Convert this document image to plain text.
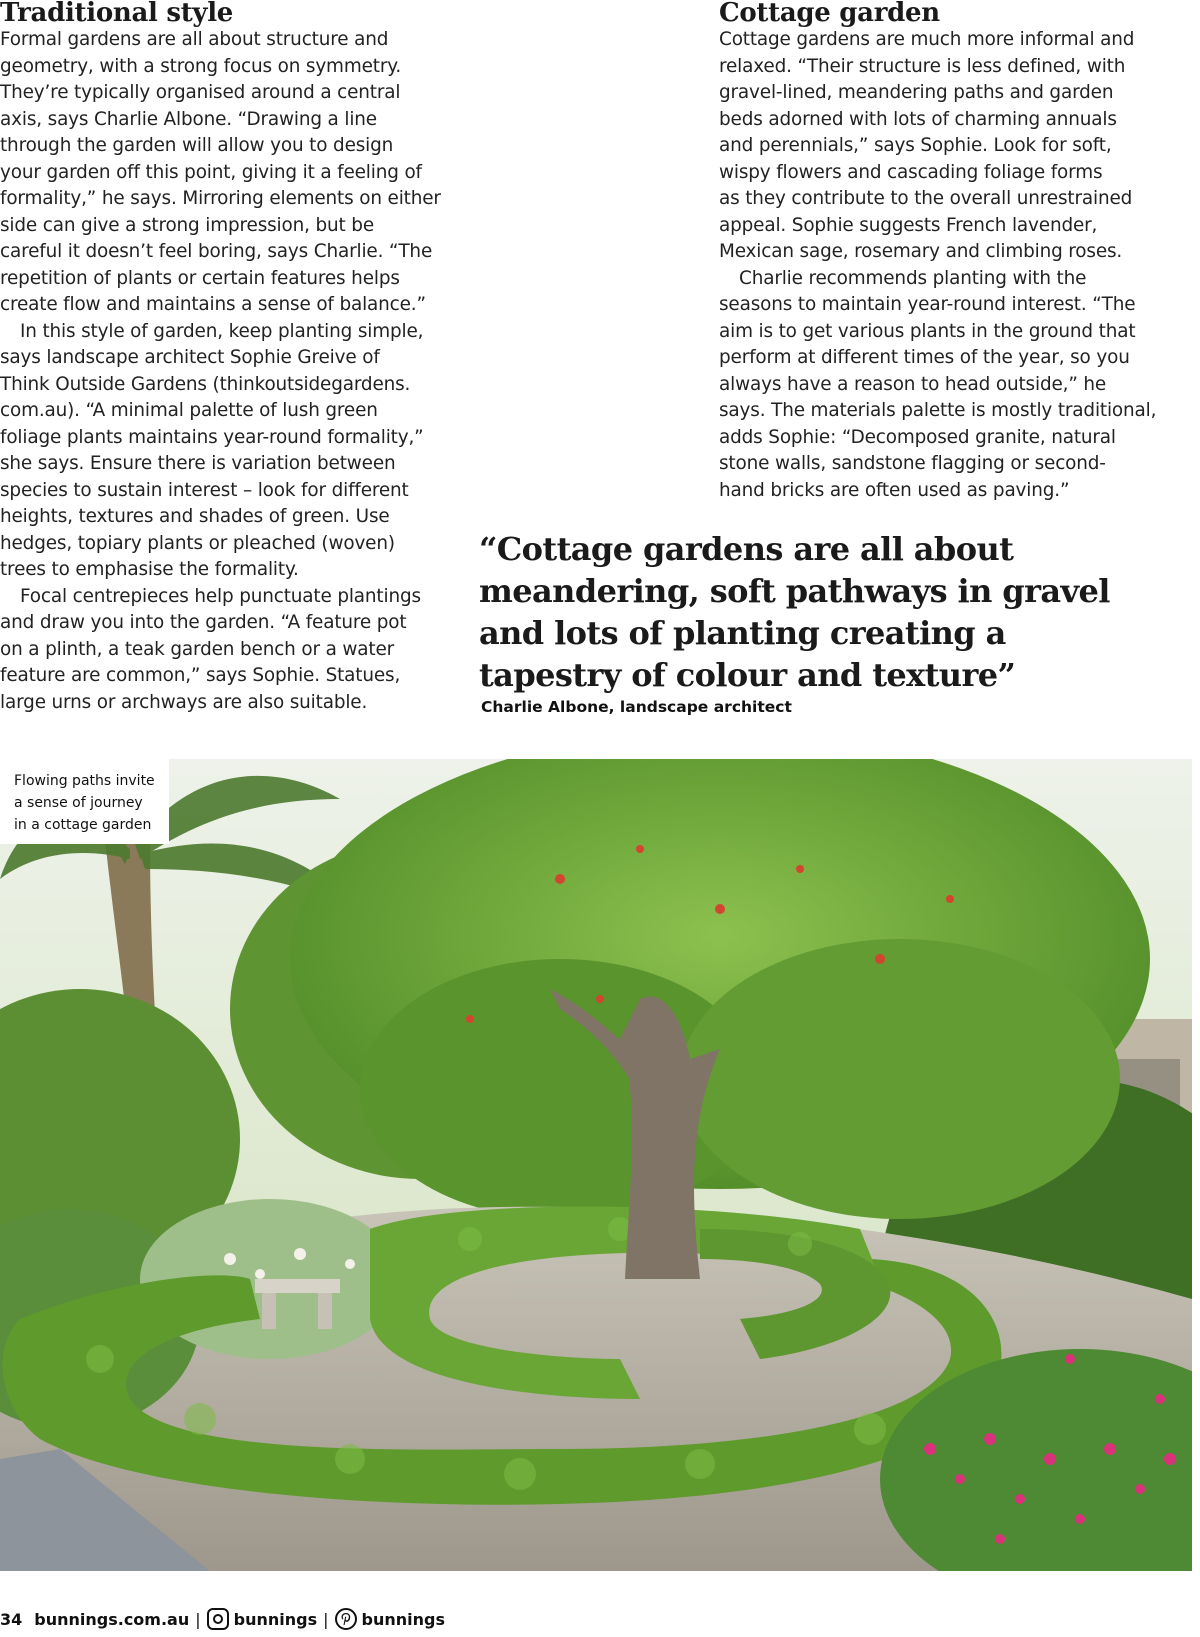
Traditional style

Formal gardens are all about structure and
geometry, with a strong focus on symmetry.
They’re typically organised around a central
axis, says Charlie Albone. “Drawing a line
through the garden will allow you to design
your garden off this point, giving it a feeling of
formality,” he says. Mirroring elements on either
side can give a strong impression, but be
careful it doesn’t feel boring, says Charlie. “The
repetition of plants or certain features helps
create flow and maintains a sense of balance.”

In this style of garden, keep planting simple,
says landscape architect Sophie Greive of
Think Outside Gardens (thinkoutsidegardens.
com.au). “A minimal palette of lush green
foliage plants maintains year-round formality,”
she says. Ensure there is variation between
species to sustain interest – look for different
heights, textures and shades of green. Use
hedges, topiary plants or pleached (woven)
trees to emphasise the formality.

Focal centrepieces help punctuate plantings
and draw you into the garden. “A feature pot
on a plinth, a teak garden bench or a water
feature are common,” says Sophie. Statues,
large urns or archways are also suitable.

Cottage garden

Cottage gardens are much more informal and
relaxed. “Their structure is less defined, with
gravel-lined, meandering paths and garden
beds adorned with lots of charming annuals
and perennials,” says Sophie. Look for soft,
wispy flowers and cascading foliage forms
as they contribute to the overall unrestrained
appeal. Sophie suggests French lavender,
Mexican sage, rosemary and climbing roses.

Charlie recommends planting with the
seasons to maintain year-round interest. “The
aim is to get various plants in the ground that
perform at different times of the year, so you
always have a reason to head outside,” he
says. The materials palette is mostly traditional,
adds Sophie: “Decomposed granite, natural
stone walls, sandstone flagging or second-
hand bricks are often used as paving.”

“Cottage gardens are all about
meandering, soft pathways in gravel
and lots of planting creating a
tapestry of colour and texture”
Charlie Albone, landscape architect
Flowing paths invite
a sense of journey
in a cottage garden
34 bunnings.com.au | bunnings | bunnings
